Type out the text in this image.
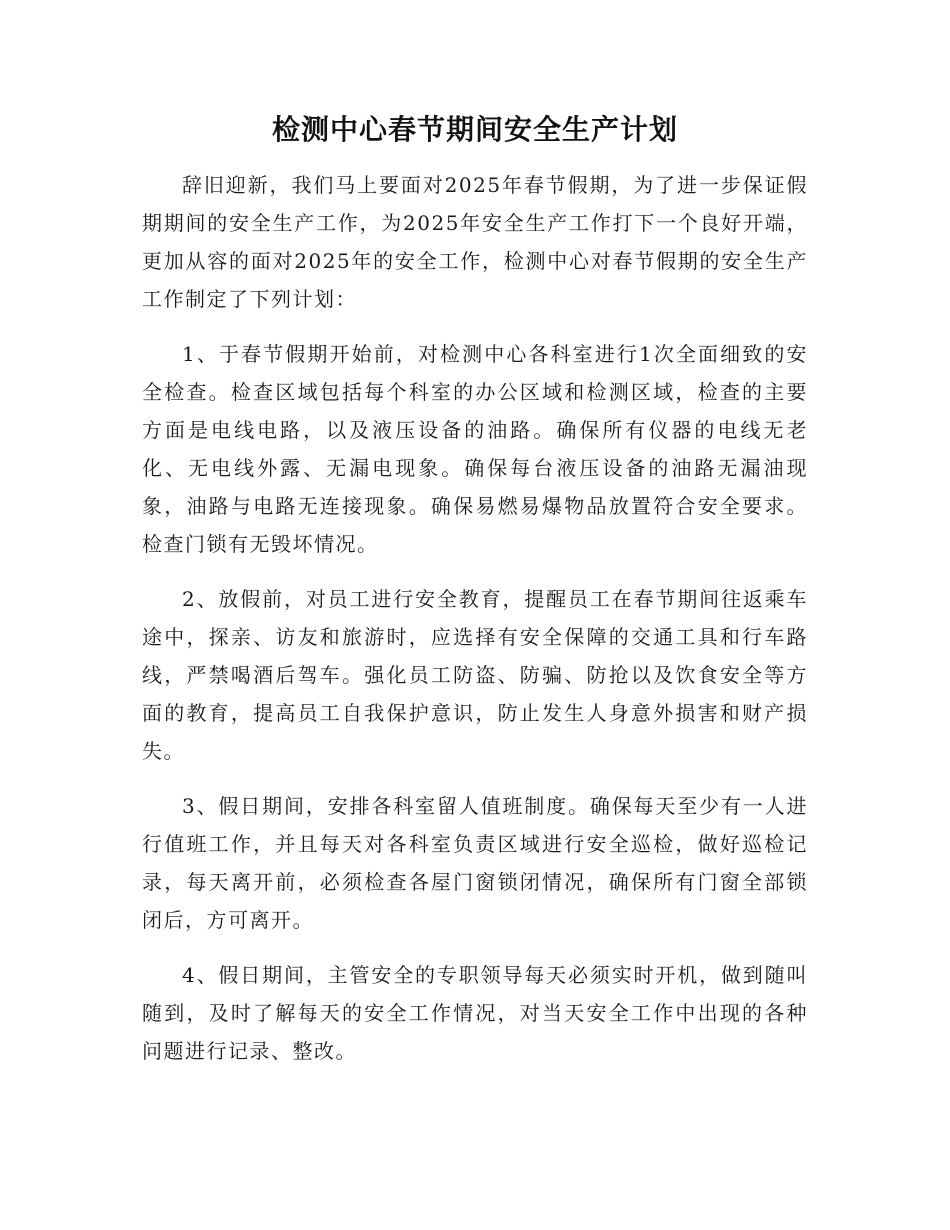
检测中心春节期间安全生产计划

辞旧迎新，我们马上要面对2025年春节假期，为了进一步保证假期期间的安全生产工作，为2025年安全生产工作打下一个良好开端，更加从容的面对2025年的安全工作，检测中心对春节假期的安全生产工作制定了下列计划：

1、于春节假期开始前，对检测中心各科室进行1次全面细致的安全检查。检查区域包括每个科室的办公区域和检测区域，检查的主要方面是电线电路，以及液压设备的油路。确保所有仪器的电线无老化、无电线外露、无漏电现象。确保每台液压设备的油路无漏油现象，油路与电路无连接现象。确保易燃易爆物品放置符合安全要求。检查门锁有无毁坏情况。

2、放假前，对员工进行安全教育，提醒员工在春节期间往返乘车途中，探亲、访友和旅游时，应选择有安全保障的交通工具和行车路线，严禁喝酒后驾车。强化员工防盗、防骗、防抢以及饮食安全等方面的教育，提高员工自我保护意识，防止发生人身意外损害和财产损失。

3、假日期间，安排各科室留人值班制度。确保每天至少有一人进行值班工作，并且每天对各科室负责区域进行安全巡检，做好巡检记录，每天离开前，必须检查各屋门窗锁闭情况，确保所有门窗全部锁闭后，方可离开。

4、假日期间，主管安全的专职领导每天必须实时开机，做到随叫随到，及时了解每天的安全工作情况，对当天安全工作中出现的各种问题进行记录、整改。
